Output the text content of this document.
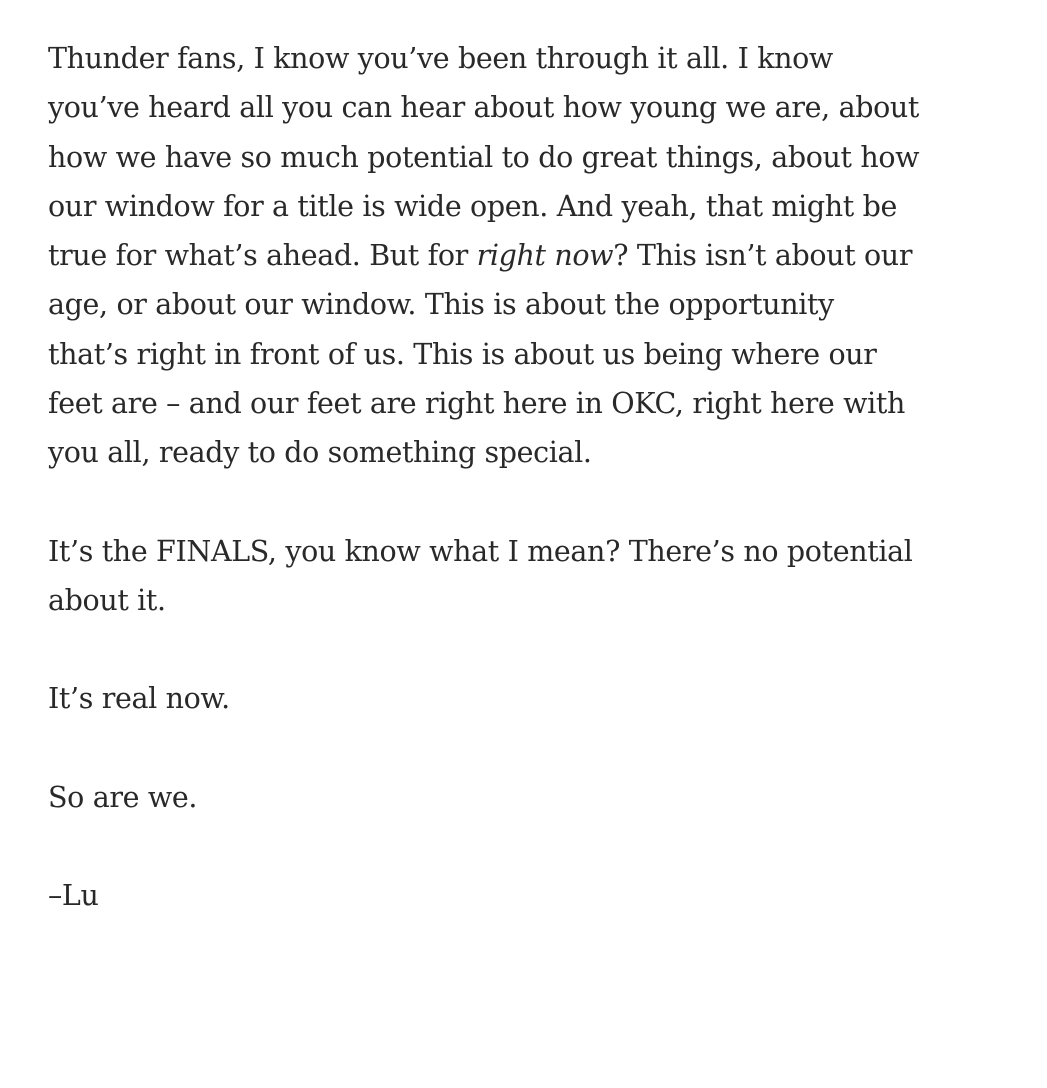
Thunder fans, I know you’ve been through it all. I know
you’ve heard all you can hear about how young we are, about
how we have so much potential to do great things, about how
our window for a title is wide open. And yeah, that might be
true for what’s ahead. But for right now? This isn’t about our
age, or about our window. This is about the opportunity
that’s right in front of us. This is about us being where our
feet are – and our feet are right here in OKC, right here with
you all, ready to do something special.

It’s the FINALS, you know what I mean? There’s no potential
about it.

It’s real now.

So are we.

–Lu
